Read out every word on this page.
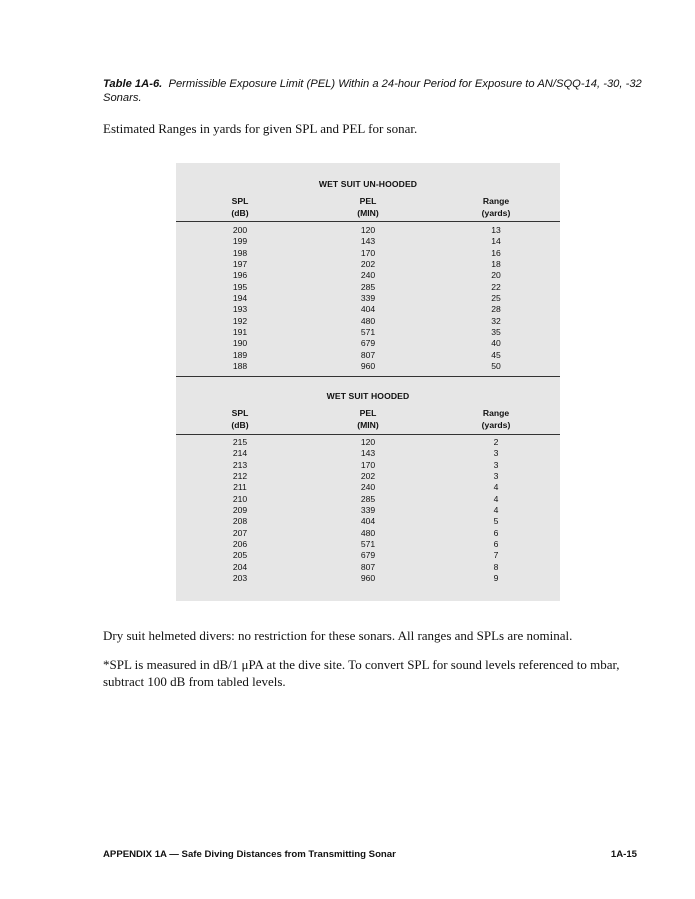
Table 1A-6. Permissible Exposure Limit (PEL) Within a 24-hour Period for Exposure to AN/SQQ-14, -30, -32 Sonars.
Estimated Ranges in yards for given SPL and PEL for sonar.
WET SUIT UN-HOODED
SPL
(dB)
PEL
(MIN)
Range
(yards)
200	120	13
199	143	14
198	170	16
197	202	18
196	240	20
195	285	22
194	339	25
193	404	28
192	480	32
191	571	35
190	679	40
189	807	45
188	960	50
WET SUIT HOODED
SPL
(dB)
PEL
(MIN)
Range
(yards)
215	120	2
214	143	3
213	170	3
212	202	3
211	240	4
210	285	4
209	339	4
208	404	5
207	480	6
206	571	6
205	679	7
204	807	8
203	960	9
Dry suit helmeted divers: no restriction for these sonars. All ranges and SPLs are nominal.
*SPL is measured in dB/1 μPA at the dive site. To convert SPL for sound levels referenced to mbar, subtract 100 dB from tabled levels.
APPENDIX 1A — Safe Diving Distances from Transmitting Sonar	1A-15
